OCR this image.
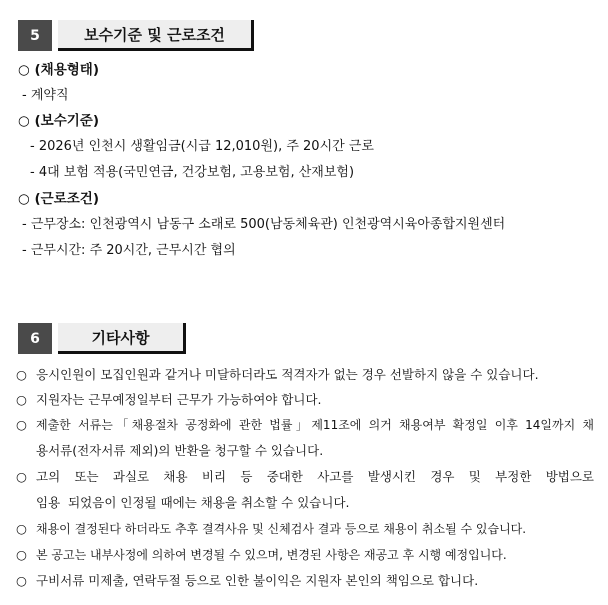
5	보수기준 및 근로조건
○ (채용형태)
- 계약직
○ (보수기준)
- 2026년 인천시 생활임금(시급 12,010원), 주 20시간 근로
- 4대 보험 적용(국민연금, 건강보험, 고용보험, 산재보험)
○ (근로조건)
- 근무장소: 인천광역시 남동구 소래로 500(남동체육관) 인천광역시육아종합지원센터
- 근무시간: 주 20시간, 근무시간 협의
6	기타사항
○ 응시인원이 모집인원과 같거나 미달하더라도 적격자가 없는 경우 선발하지 않을 수 있습니다.
○ 지원자는 근무예정일부터 근무가 가능하여야 합니다.
○ 제출한 서류는「채용절차 공정화에 관한 법률」제11조에 의거 채용여부 확정일 이후 14일까지 채
용서류(전자서류 제외)의 반환을 청구할 수 있습니다.
○ 고의 또는 과실로 채용 비리 등 중대한 사고를 발생시킨 경우 및 부정한 방법으로
임용  되었음이 인정될 때에는 채용을 취소할 수 있습니다.
○ 채용이 결정된다 하더라도 추후 결격사유 및 신체검사 결과 등으로 채용이 취소될 수 있습니다.
○ 본 공고는 내부사정에 의하여 변경될 수 있으며, 변경된 사항은 재공고 후 시행 예정입니다.
○ 구비서류 미제출, 연락두절 등으로 인한 불이익은 지원자 본인의 책임으로 합니다.
